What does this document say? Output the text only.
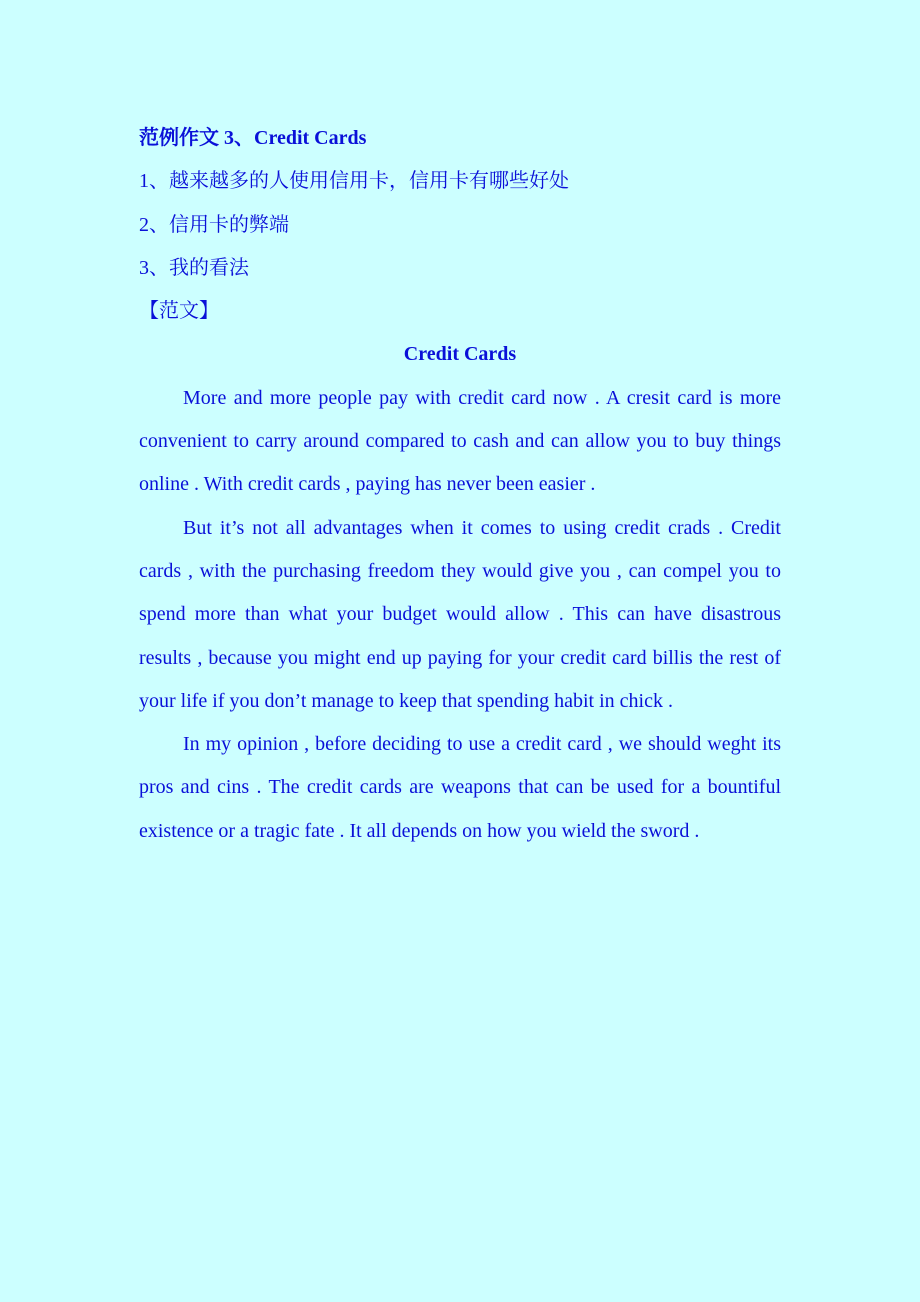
范例作文 3、Credit Cards
1、越来越多的人使用信用卡，信用卡有哪些好处
2、信用卡的弊端
3、我的看法
【范文】
Credit Cards

More and more people pay with credit card now . A cresit card is more convenient to carry around compared to cash and can allow you to buy things online . With credit cards , paying has never been easier .

But it’s not all advantages when it comes to using credit crads . Credit cards , with the purchasing freedom they would give you , can compel you to spend more than what your budget would allow . This can have disastrous results , because you might end up paying for your credit card billis the rest of your life if you don’t manage to keep that spending habit in chick .

In my opinion , before deciding to use a credit card , we should weght its pros and cins . The credit cards are weapons that can be used for a bountiful existence or a tragic fate . It all depends on how you wield the sword .
